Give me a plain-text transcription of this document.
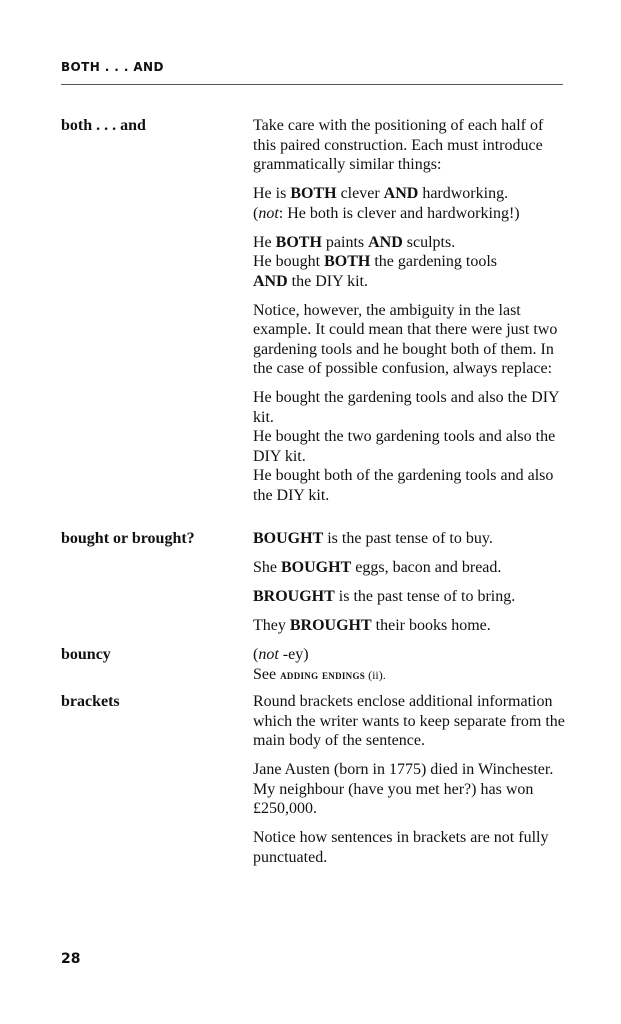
BOTH . . . AND
both . . . and	Take care with the positioning of each half of this paired construction. Each must introduce grammatically similar things:

He is BOTH clever AND hardworking.
(not: He both is clever and hardworking!)

He BOTH paints AND sculpts.
He bought BOTH the gardening tools
AND the DIY kit.

Notice, however, the ambiguity in the last example. It could mean that there were just two gardening tools and he bought both of them. In the case of possible confusion, always replace:

He bought the gardening tools and also the DIY kit.
He bought the two gardening tools and also the DIY kit.
He bought both of the gardening tools and also the DIY kit.

bought or brought?	BOUGHT is the past tense of to buy.

She BOUGHT eggs, bacon and bread.

BROUGHT is the past tense of to bring.

They BROUGHT their books home.

bouncy	(not -ey)
See adding endings (ii).

brackets	Round brackets enclose additional information which the writer wants to keep separate from the main body of the sentence.

Jane Austen (born in 1775) died in Winchester.
My neighbour (have you met her?) has won £250,000.

Notice how sentences in brackets are not fully punctuated.

28
